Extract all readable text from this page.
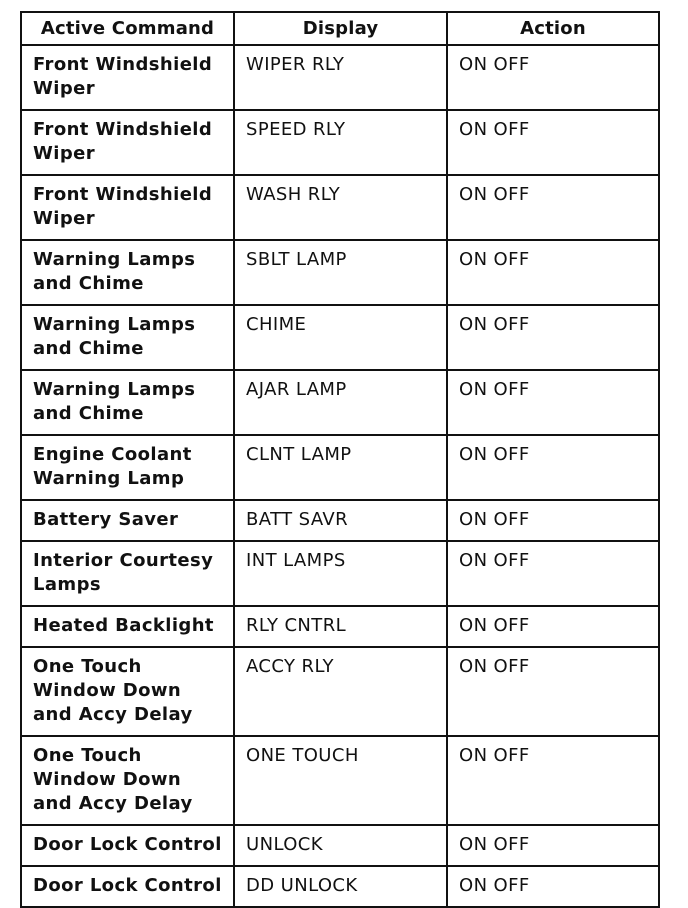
Active Command	Display	Action
Front Windshield Wiper	WIPER RLY	ON OFF
Front Windshield Wiper	SPEED RLY	ON OFF
Front Windshield Wiper	WASH RLY	ON OFF
Warning Lamps and Chime	SBLT LAMP	ON OFF
Warning Lamps and Chime	CHIME	ON OFF
Warning Lamps and Chime	AJAR LAMP	ON OFF
Engine Coolant Warning Lamp	CLNT LAMP	ON OFF
Battery Saver	BATT SAVR	ON OFF
Interior Courtesy Lamps	INT LAMPS	ON OFF
Heated Backlight	RLY CNTRL	ON OFF
One Touch Window Down and Accy Delay	ACCY RLY	ON OFF
One Touch Window Down and Accy Delay	ONE TOUCH	ON OFF
Door Lock Control	UNLOCK	ON OFF
Door Lock Control	DD UNLOCK	ON OFF
